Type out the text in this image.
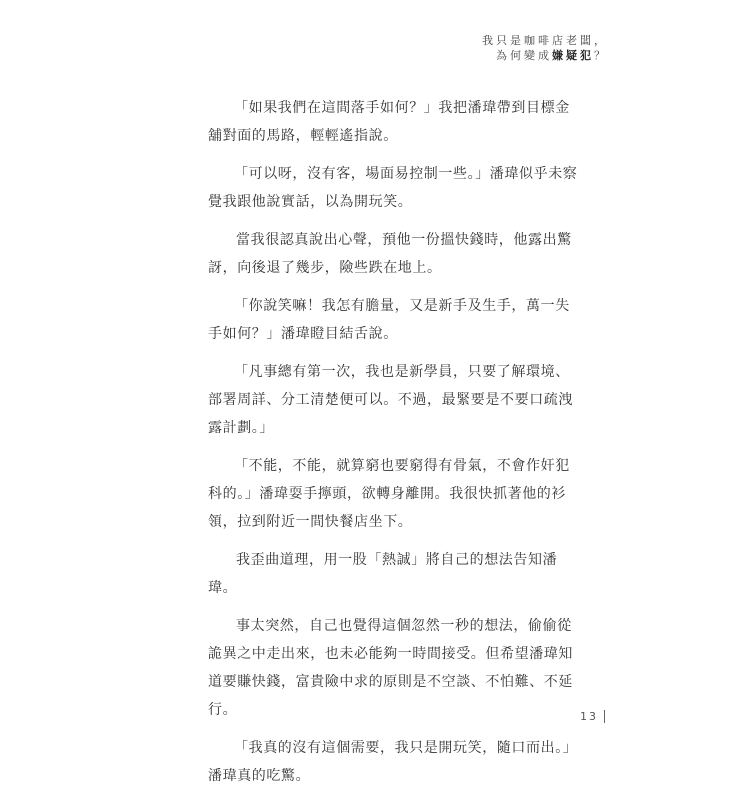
我只是咖啡店老闆，
為何變成嫌疑犯？

「如果我們在這間落手如何？」我把潘瑋帶到目標金舖對面的馬路，輕輕遙指說。

「可以呀，沒有客，場面易控制一些。」潘瑋似乎未察覺我跟他說實話，以為開玩笑。

當我很認真說出心聲，預他一份搵快錢時，他露出驚訝，向後退了幾步，險些跌在地上。

「你說笑嘛！我怎有膽量，又是新手及生手，萬一失手如何？」潘瑋瞪目結舌說。

「凡事總有第一次，我也是新學員，只要了解環境、部署周詳、分工清楚便可以。不過，最緊要是不要口疏洩露計劃。」

「不能，不能，就算窮也要窮得有骨氣，不會作奸犯科的。」潘瑋耍手擰頭，欲轉身離開。我很快抓著他的衫領，拉到附近一間快餐店坐下。

我歪曲道理，用一股「熱誠」將自己的想法告知潘瑋。

事太突然，自己也覺得這個忽然一秒的想法，偷偷從詭異之中走出來，也未必能夠一時間接受。但希望潘瑋知道要賺快錢，富貴險中求的原則是不空談、不怕難、不延行。

「我真的沒有這個需要，我只是開玩笑，隨口而出。」潘瑋真的吃驚。

13
